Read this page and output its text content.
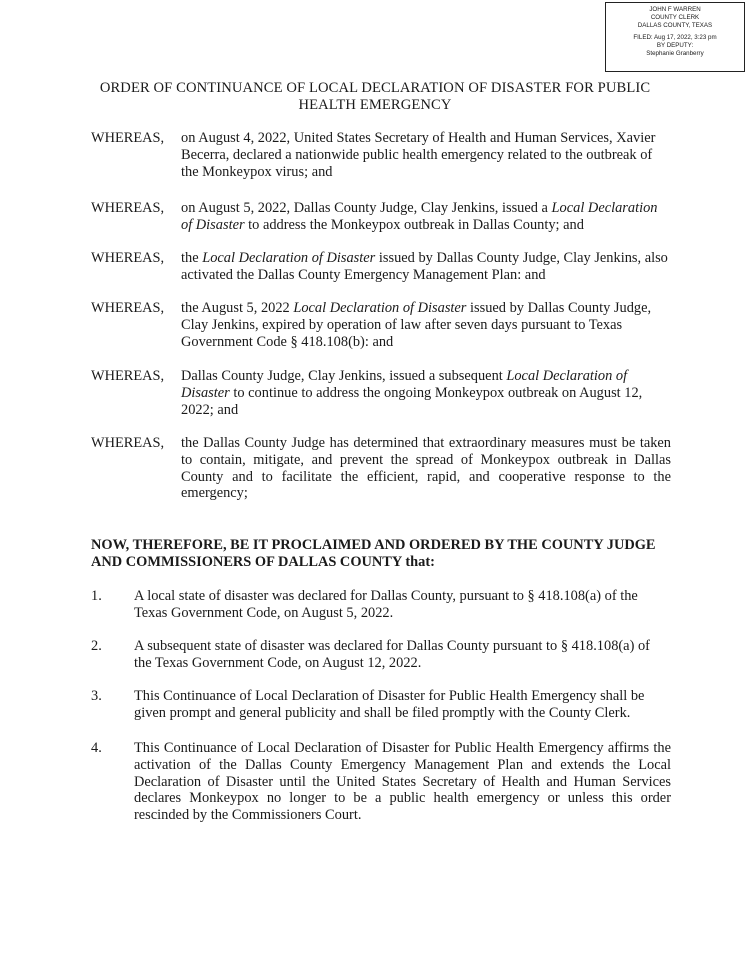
JOHN F WARREN
COUNTY CLERK
DALLAS COUNTY, TEXAS
FILED: Aug 17, 2022, 3:23 pm
BY DEPUTY:
Stephanie Granberry
ORDER OF CONTINUANCE OF LOCAL DECLARATION OF DISASTER FOR PUBLIC
HEALTH EMERGENCY
WHEREAS, on August 4, 2022, United States Secretary of Health and Human Services, Xavier Becerra, declared a nationwide public health emergency related to the outbreak of the Monkeypox virus; and
WHEREAS, on August 5, 2022, Dallas County Judge, Clay Jenkins, issued a Local Declaration of Disaster to address the Monkeypox outbreak in Dallas County; and
WHEREAS, the Local Declaration of Disaster issued by Dallas County Judge, Clay Jenkins, also activated the Dallas County Emergency Management Plan: and
WHEREAS, the August 5, 2022 Local Declaration of Disaster issued by Dallas County Judge, Clay Jenkins, expired by operation of law after seven days pursuant to Texas Government Code § 418.108(b): and
WHEREAS, Dallas County Judge, Clay Jenkins, issued a subsequent Local Declaration of Disaster to continue to address the ongoing Monkeypox outbreak on August 12, 2022; and
WHEREAS, the Dallas County Judge has determined that extraordinary measures must be taken to contain, mitigate, and prevent the spread of Monkeypox outbreak in Dallas County and to facilitate the efficient, rapid, and cooperative response to the emergency;
NOW, THEREFORE, BE IT PROCLAIMED AND ORDERED BY THE COUNTY JUDGE AND COMMISSIONERS OF DALLAS COUNTY that:
1. A local state of disaster was declared for Dallas County, pursuant to § 418.108(a) of the Texas Government Code, on August 5, 2022.
2. A subsequent state of disaster was declared for Dallas County pursuant to § 418.108(a) of the Texas Government Code, on August 12, 2022.
3. This Continuance of Local Declaration of Disaster for Public Health Emergency shall be given prompt and general publicity and shall be filed promptly with the County Clerk.
4. This Continuance of Local Declaration of Disaster for Public Health Emergency affirms the activation of the Dallas County Emergency Management Plan and extends the Local Declaration of Disaster until the United States Secretary of Health and Human Services declares Monkeypox no longer to be a public health emergency or unless this order rescinded by the Commissioners Court.
